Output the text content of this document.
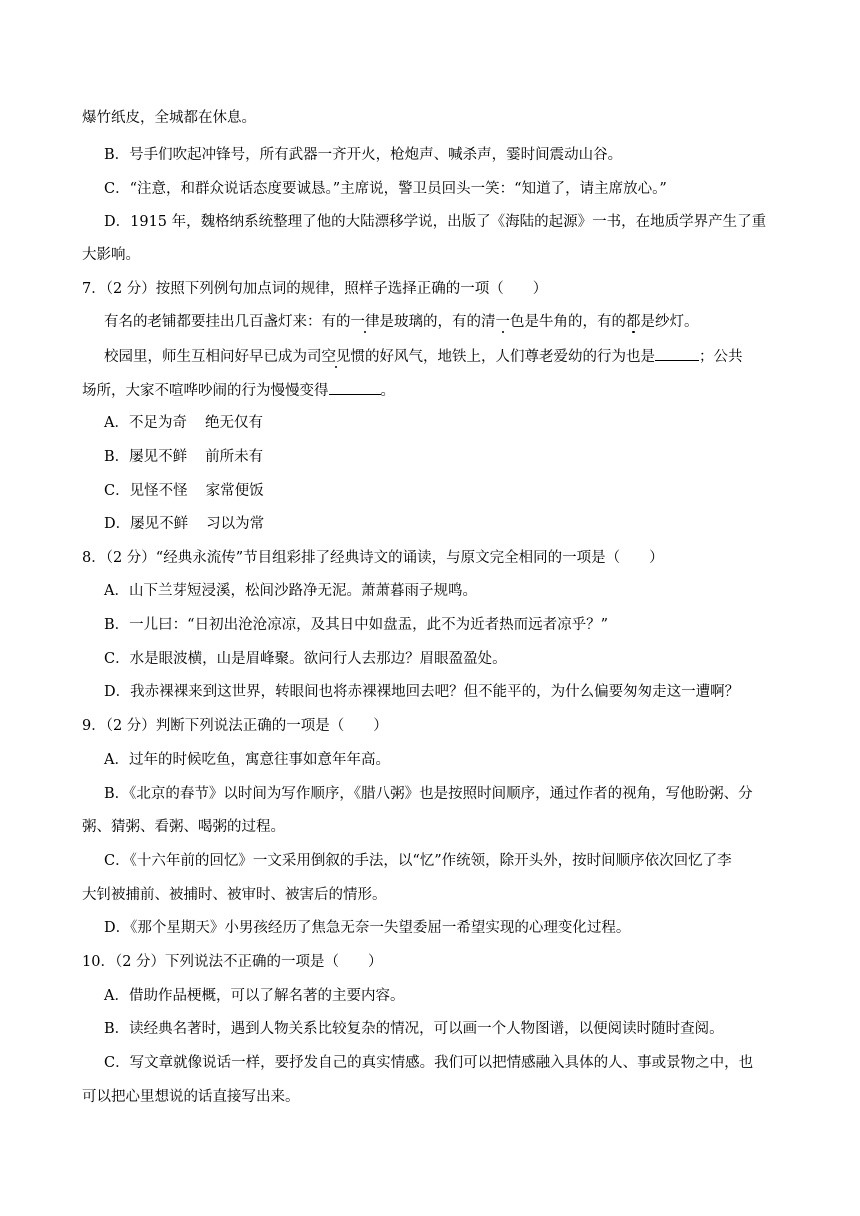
爆竹纸皮，全城都在休息。
B．号手们吹起冲锋号，所有武器一齐开火，枪炮声、喊杀声，霎时间震动山谷。
C．“注意，和群众说话态度要诚恳。”主席说，警卫员回头一笑：“知道了，请主席放心。”
D．1915 年，魏格纳系统整理了他的大陆漂移学说，出版了《海陆的起源》一书，在地质学界产生了重
大影响。
7．（2 分）按照下列例句加点词的规律，照样子选择正确的一项（　　）
有名的老铺都要挂出几百盏灯来：有的一律是玻璃的，有的清一色是牛角的，有的都是纱灯。
校园里，师生互相问好早已成为司空见惯的好风气，地铁上，人们尊老爱幼的行为也是	；公共
场所，大家不喧哗吵闹的行为慢慢变得	。
A．不足为奇 绝无仅有
B．屡见不鲜 前所未有
C．见怪不怪 家常便饭
D．屡见不鲜 习以为常
8．（2 分）“经典永流传”节目组彩排了经典诗文的诵读，与原文完全相同的一项是（　　）
A．山下兰芽短浸溪，松间沙路净无泥。萧萧暮雨子规鸣。
B．一儿曰：“日初出沧沧凉凉，及其日中如盘盂，此不为近者热而远者凉乎？”
C．水是眼波横，山是眉峰聚。欲问行人去那边？眉眼盈盈处。
D．我赤裸裸来到这世界，转眼间也将赤裸裸地回去吧？但不能平的，为什么偏要匆匆走这一遭啊？
9．（2 分）判断下列说法正确的一项是（　　）
A．过年的时候吃鱼，寓意往事如意年年高。
B．《北京的春节》以时间为写作顺序，《腊八粥》也是按照时间顺序，通过作者的视角，写他盼粥、分
粥、猜粥、看粥、喝粥的过程。
C．《十六年前的回忆》一文采用倒叙的手法，以“忆”作统领，除开头外，按时间顺序依次回忆了李
大钊被捕前、被捕时、被审时、被害后的情形。
D．《那个星期天》小男孩经历了焦急无奈一失望委屈一希望实现的心理变化过程。
10．（2 分）下列说法不正确的一项是（　　）
A．借助作品梗概，可以了解名著的主要内容。
B．读经典名著时，遇到人物关系比较复杂的情况，可以画一个人物图谱，以便阅读时随时查阅。
C．写文章就像说话一样，要抒发自己的真实情感。我们可以把情感融入具体的人、事或景物之中，也
可以把心里想说的话直接写出来。
